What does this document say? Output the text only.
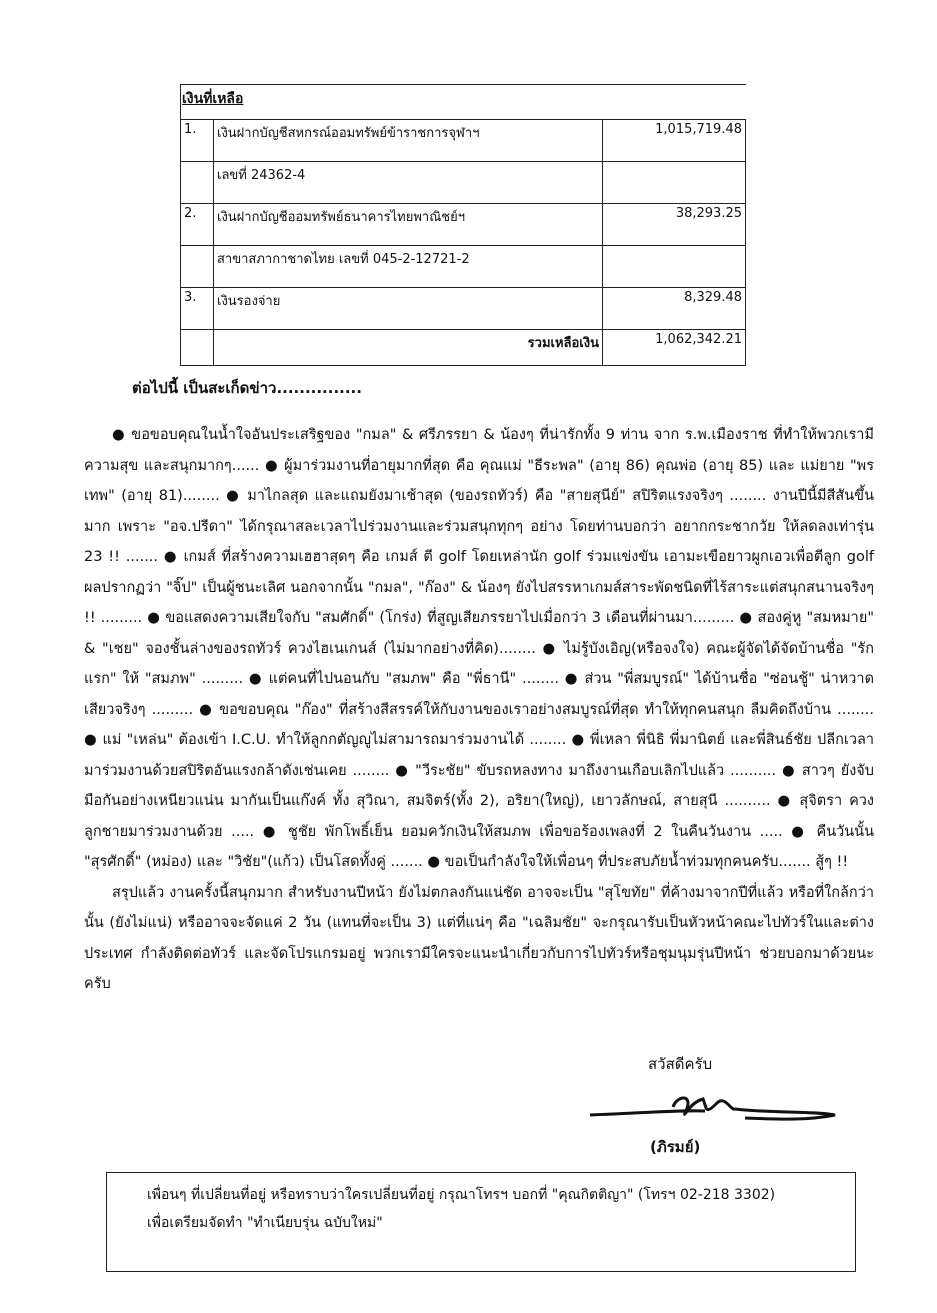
เงินที่เหลือ

1.	เงินฝากบัญชีสหกรณ์ออมทรัพย์ข้าราชการจุฬาฯ	1,015,719.48
	เลขที่ 24362-4	
2.	เงินฝากบัญชีออมทรัพย์ธนาคารไทยพาณิชย์ฯ	38,293.25
	สาขาสภากาชาดไทย เลขที่ 045-2-12721-2	
3.	เงินรองจ่าย	8,329.48
	รวมเหลือเงิน	1,062,342.21
ต่อไปนี้ เป็นสะเก็ดข่าว...............
● ขอขอบคุณในน้ำใจอันประเสริฐของ "กมล" & ศรีภรรยา & น้องๆ ที่น่ารักทั้ง 9 ท่าน จาก ร.พ.เมืองราช ที่ทำให้พวกเรามีความสุข และสนุกมากๆ...... ● ผู้มาร่วมงานที่อายุมากที่สุด คือ คุณแม่ "ธีระพล" (อายุ 86) คุณพ่อ (อายุ 85) และ แม่ยาย "พรเทพ" (อายุ 81)........ ● มาไกลสุด และแถมยังมาเช้าสุด (ของรถทัวร์) คือ "สายสุนีย์" สปิริตแรงจริงๆ ........ งานปีนี้มีสีสันขึ้นมาก เพราะ "อจ.ปรีดา" ได้กรุณาสละเวลาไปร่วมงานและร่วมสนุกทุกๆ อย่าง โดยท่านบอกว่า อยากกระชากวัย ให้ลดลงเท่ารุ่น 23 !! ....... ● เกมส์ ที่สร้างความเฮฮาสุดๆ คือ เกมส์ ตี golf โดยเหล่านัก golf ร่วมแข่งขัน เอามะเขือยาวผูกเอวเพื่อตีลูก golf ผลปรากฏว่า "จิ๊ป" เป็นผู้ชนะเลิศ นอกจากนั้น "กมล", "ก๊อง" & น้องๆ ยังไปสรรหาเกมส์สาระพัดชนิดที่ไร้สาระแต่สนุกสนานจริงๆ !! ......... ● ขอแสดงความเสียใจกับ "สมศักดิ์" (โกร่ง) ที่สูญเสียภรรยาไปเมื่อกว่า 3 เดือนที่ผ่านมา......... ● สองคู่หู "สมหมาย" & "เชย" จองชั้นล่างของรถทัวร์ ควงไฮเนเกนส์ (ไม่มากอย่างที่คิด)........ ● ไม่รู้บังเอิญ(หรือจงใจ) คณะผู้จัดได้จัดบ้านชื่อ "รักแรก" ให้ "สมภพ" ......... ● แต่คนที่ไปนอนกับ "สมภพ" คือ "พี่ธานี" ........ ● ส่วน "พี่สมบูรณ์" ได้บ้านชื่อ "ซ่อนชู้" น่าหวาดเสียวจริงๆ ......... ● ขอขอบคุณ "ก๊อง" ที่สร้างสีสรรค์ให้กับงานของเราอย่างสมบูรณ์ที่สุด ทำให้ทุกคนสนุก ลืมคิดถึงบ้าน ........ ● แม่ "เหล่น" ต้องเข้า I.C.U. ทำให้ลูกกตัญญูไม่สามารถมาร่วมงานได้ ........ ● พี่เหลา พี่นิธิ พี่มานิตย์ และพี่สินธ์ชัย ปลีกเวลามาร่วมงานด้วยสปิริตอันแรงกล้าดังเช่นเคย ........ ● "วีระชัย" ขับรถหลงทาง มาถึงงานเกือบเลิกไปแล้ว .......... ● สาวๆ ยังจับมือกันอย่างเหนียวแน่น มากันเป็นแก๊งค์ ทั้ง สุวิณา, สมจิตร์(ทั้ง 2), อริยา(ใหญ่), เยาวลักษณ์, สายสุนี .......... ● สุจิตรา ควงลูกชายมาร่วมงานด้วย ..... ● ชูชัย พักโพธิ์เย็น ยอมควักเงินให้สมภพ เพื่อขอร้องเพลงที่ 2 ในคืนวันงาน ..... ● คืนวันนั้น "สุรศักดิ์" (หม่อง) และ "วิชัย"(แก้ว) เป็นโสดทั้งคู่ ....... ● ขอเป็นกำลังใจให้เพื่อนๆ ที่ประสบภัยน้ำท่วมทุกคนครับ....... สู้ๆ !!
สรุปแล้ว งานครั้งนี้สนุกมาก สำหรับงานปีหน้า ยังไม่ตกลงกันแน่ชัด อาจจะเป็น "สุโขทัย" ที่ค้างมาจากปีที่แล้ว หรือที่ใกล้กว่านั้น (ยังไม่แน่) หรืออาจจะจัดแค่ 2 วัน (แทนที่จะเป็น 3) แต่ที่แน่ๆ คือ "เฉลิมชัย" จะกรุณารับเป็นหัวหน้าคณะไปทัวร์ในและต่างประเทศ กำลังติดต่อทัวร์ และจัดโปรแกรมอยู่ พวกเรามีใครจะแนะนำเกี่ยวกับการไปทัวร์หรือชุมนุมรุ่นปีหน้า ช่วยบอกมาด้วยนะครับ
สวัสดีครับ
(ภิรมย์)
เพื่อนๆ ที่เปลี่ยนที่อยู่ หรือทราบว่าใครเปลี่ยนที่อยู่ กรุณาโทรฯ บอกที่ "คุณกิตติญา" (โทรฯ 02-218 3302)
เพื่อเตรียมจัดทำ "ทำเนียบรุ่น ฉบับใหม่"
